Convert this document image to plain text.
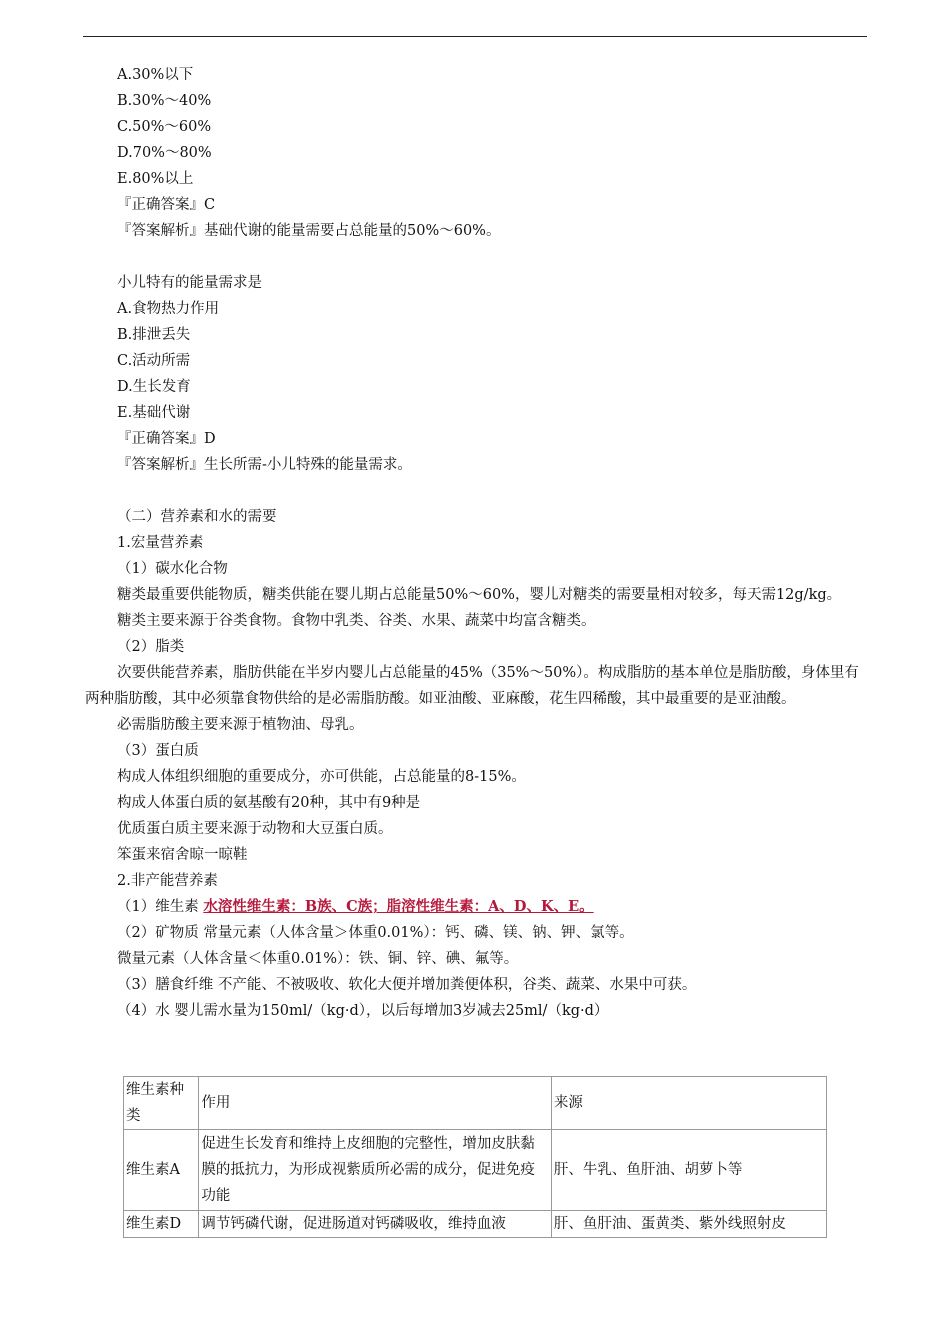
A.30%以下
B.30%～40%
C.50%～60%
D.70%～80%
E.80%以上
『正确答案』C
『答案解析』基础代谢的能量需要占总能量的50%～60%。
小儿特有的能量需求是
A.食物热力作用
B.排泄丢失
C.活动所需
D.生长发育
E.基础代谢
『正确答案』D
『答案解析』生长所需-小儿特殊的能量需求。
（二）营养素和水的需要
1.宏量营养素
（1）碳水化合物
糖类最重要供能物质，糖类供能在婴儿期占总能量50%～60%，婴儿对糖类的需要量相对较多，每天需12g/kg。
糖类主要来源于谷类食物。食物中乳类、谷类、水果、蔬菜中均富含糖类。
（2）脂类
次要供能营养素，脂肪供能在半岁内婴儿占总能量的45%（35%～50%）。构成脂肪的基本单位是脂肪酸，身体里有两种脂肪酸，其中必须靠食物供给的是必需脂肪酸。如亚油酸、亚麻酸，花生四稀酸，其中最重要的是亚油酸。
必需脂肪酸主要来源于植物油、母乳。
（3）蛋白质
构成人体组织细胞的重要成分，亦可供能，占总能量的8-15%。
构成人体蛋白质的氨基酸有20种，其中有9种是
优质蛋白质主要来源于动物和大豆蛋白质。
笨蛋来宿舍晾一晾鞋
2.非产能营养素
（1）维生素 水溶性维生素：B族、C族；脂溶性维生素：A、D、K、E。
（2）矿物质 常量元素（人体含量＞体重0.01%）：钙、磷、镁、钠、钾、氯等。
微量元素（人体含量＜体重0.01%）：铁、铜、锌、碘、氟等。
（3）膳食纤维 不产能、不被吸收、软化大便并增加粪便体积，谷类、蔬菜、水果中可获。
（4）水 婴儿需水量为150ml/（kg·d），以后每增加3岁减去25ml/（kg·d）
维生素种类	作用	来源
维生素A	促进生长发育和维持上皮细胞的完整性，增加皮肤黏膜的抵抗力，为形成视紫质所必需的成分，促进免疫功能	肝、牛乳、鱼肝油、胡萝卜等
维生素D	调节钙磷代谢，促进肠道对钙磷吸收，维持血液	肝、鱼肝油、蛋黄类、紫外线照射皮
